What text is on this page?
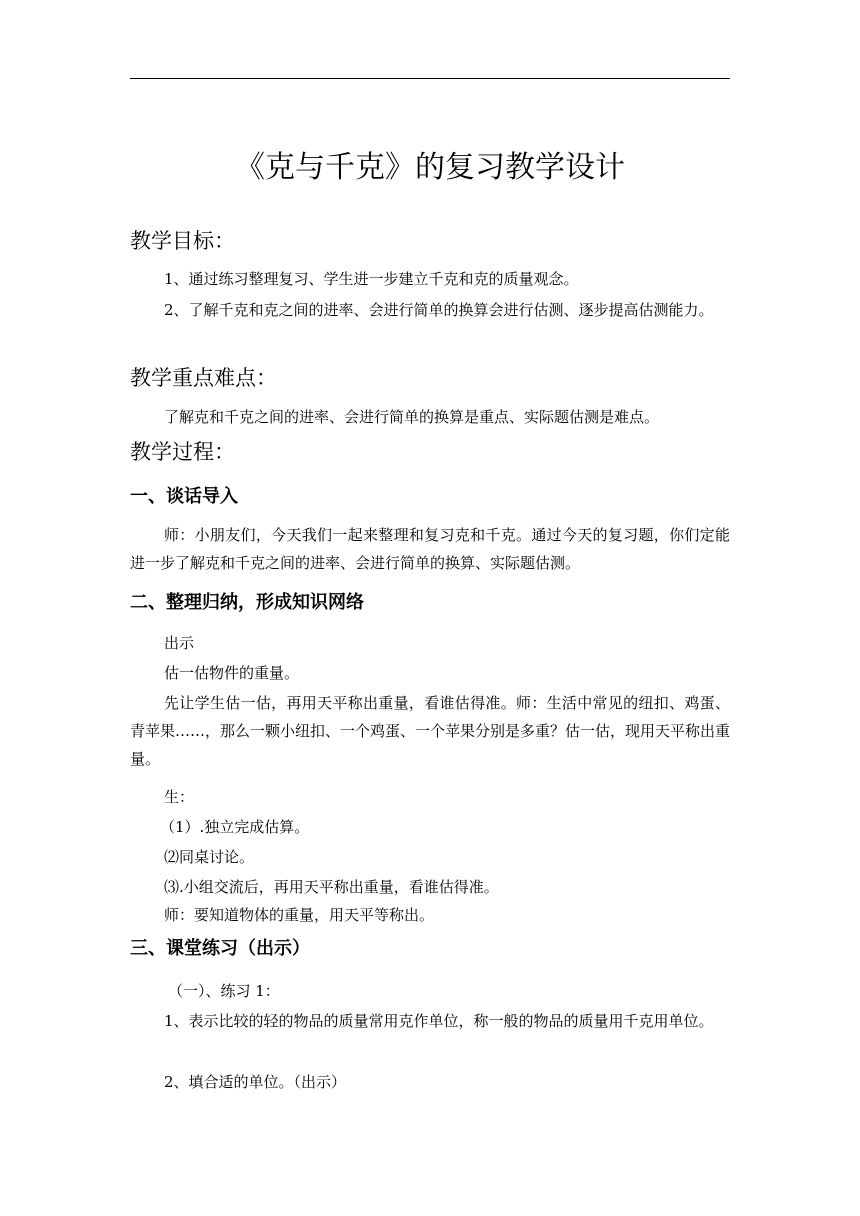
《克与千克》的复习教学设计
教学目标：
1、通过练习整理复习、学生进一步建立千克和克的质量观念。
2、了解千克和克之间的进率、会进行简单的换算会进行估测、逐步提高估测能力。
教学重点难点：
了解克和千克之间的进率、会进行简单的换算是重点、实际题估测是难点。
教学过程：
一、谈话导入
师：小朋友们，今天我们一起来整理和复习克和千克。通过今天的复习题，你们定能进一步了解克和千克之间的进率、会进行简单的换算、实际题估测。
二、整理归纳，形成知识网络
出示
估一估物件的重量。
先让学生估一估，再用天平称出重量，看谁估得准。师：生活中常见的纽扣、鸡蛋、青苹果……，那么一颗小纽扣、一个鸡蛋、一个苹果分别是多重？估一估，现用天平称出重量。
生：
（1）.独立完成估算。
⑵同桌讨论。
⑶.小组交流后，再用天平称出重量，看谁估得准。
师：要知道物体的重量，用天平等称出。
三、课堂练习（出示）
（一）、练习 1：
1、表示比较的轻的物品的质量常用克作单位，称一般的物品的质量用千克用单位。
2、填合适的单位。（出示）
